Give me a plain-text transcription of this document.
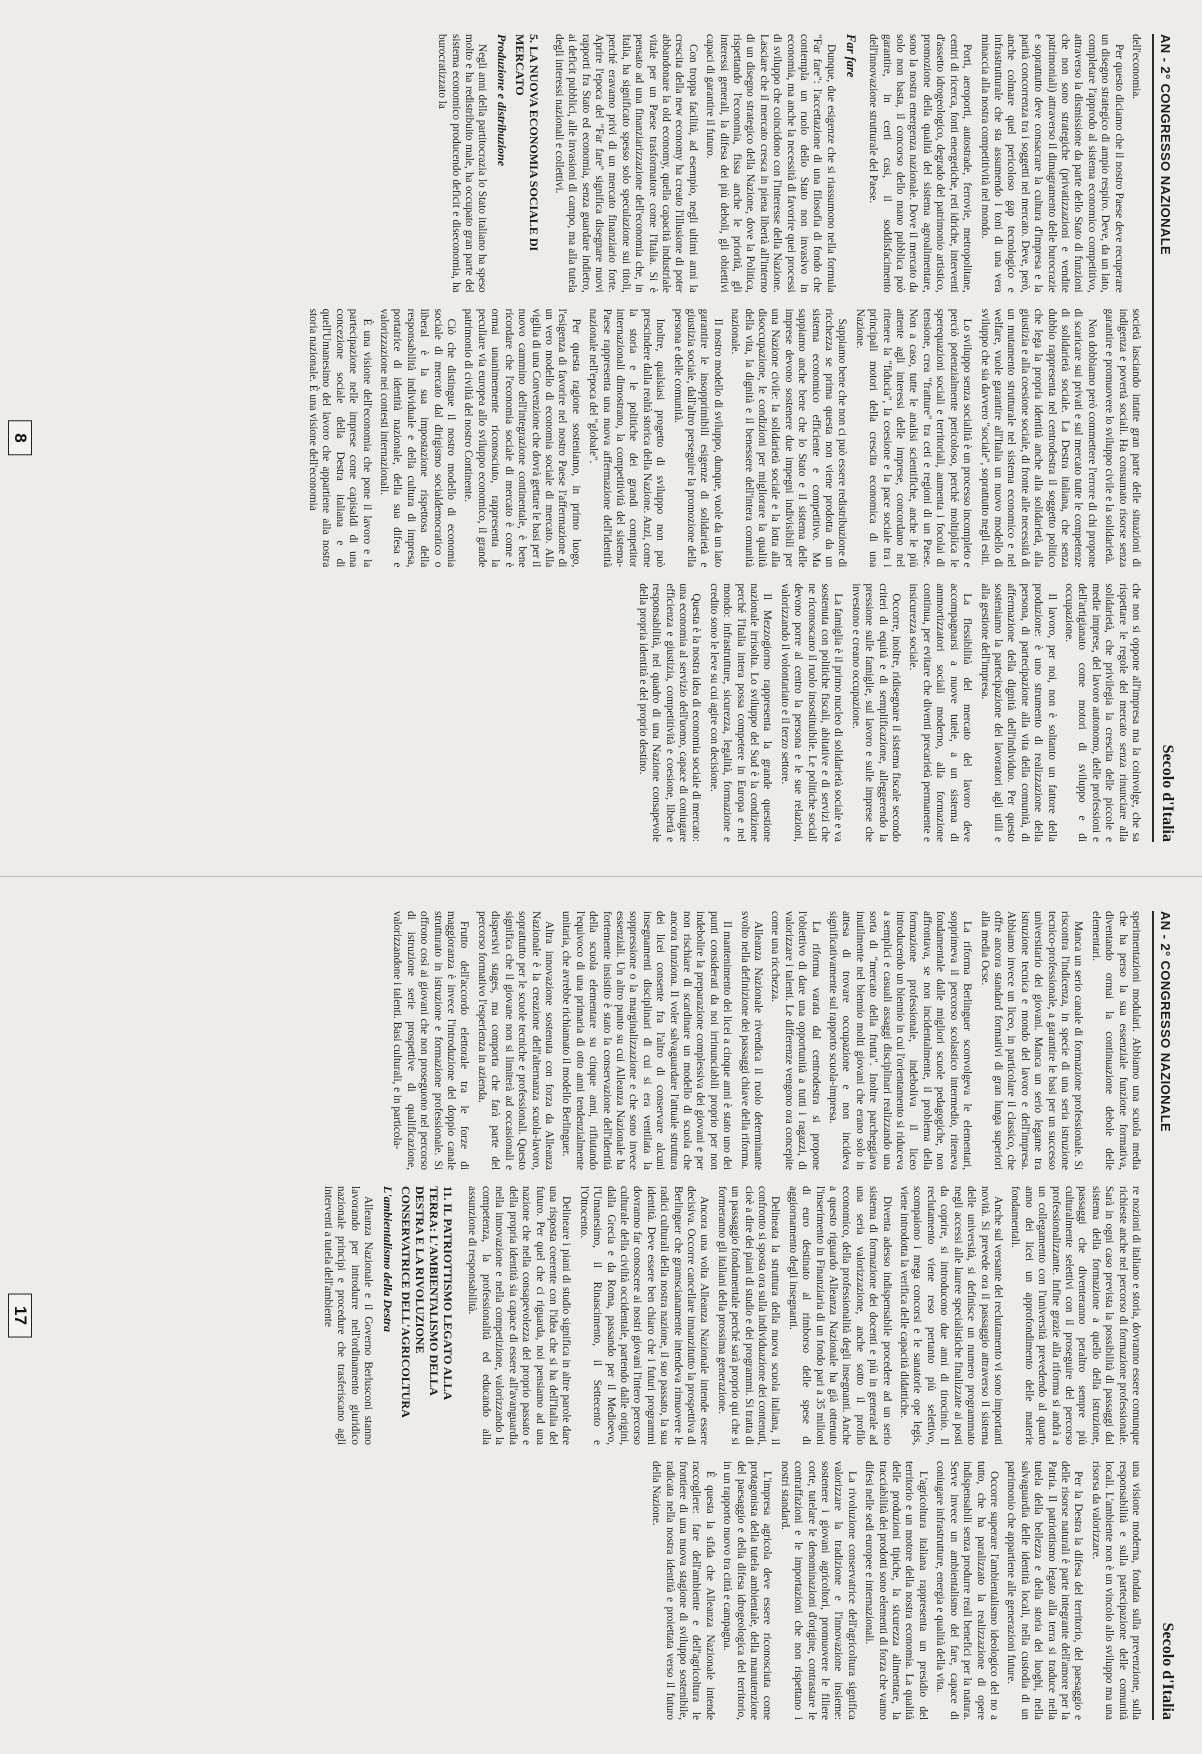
AN - 2° CONGRESSO NAZIONALE
Secolo d'Italia

dell'economia.

Per questo diciamo che il nostro Paese deve recuperare un disegno strategico di ampio respiro. Deve, da un lato, completare l'approdo al sistema economico competitivo, attraverso la dismissione da parte dello Stato di funzioni che non sono strategiche (privatizzazioni e vendite patrimoniali) attraverso il dimagramento delle burocrazie e soprattutto deve consacrare la cultura d'impresa e la parità concorrenza tra i soggetti nel mercato. Deve, però, anche colmare quel pericoloso gap tecnologico e infrastrutturale che sta assumendo i toni di una vera minaccia alla nostra competitività nel mondo.

Porti, aeroporti, autostrade, ferrovie, metropolitane, centri di ricerca, fonti energetiche, reti idriche, interventi d'assetto idrogeologico, degrado del patrimonio artistico, promozione della qualità del sistema agroalimentare, sono la nostra emergenza nazionale. Dove il mercato da solo non basta, il concorso dello mano pubblica può garantire, in certi casi, il soddisfacimento dell'innovazione strutturale del Paese.

Far fare

Dunque, due esigenze che si riassumono nella formula "Far fare": l'accettazione di una filosofia di fondo che contempla un ruolo dello Stato non invasivo in economia, ma anche la necessità di favorire quei processi di sviluppo che coincidono con l'interesse della Nazione. Lasciare che il mercato cresca in piena libertà all'interno di un disegno strategico della Nazione, dove la Politica, rispettando l'economia, fissa anche le priorità, gli interessi generali, la difesa dei più deboli, gli obiettivi capaci di garantire il futuro.

Con troppa facilità, ad esempio, negli ultimi anni la crescita della new economy ha creato l'illusione di poter abbandonare la old economy, quella capacità industriale vitale per un Paese trasformatore come l'Italia. Si è pensato ad una finanziarizzazione dell'economia che, in Italia, ha significato spesso solo speculazione sui titoli, perché eravamo privi di un mercato finanziario forte. Aprire l'epoca del "Far fare" significa disegnare nuovi rapporti fra Stato ed economia, senza guardare indietro, ai deficit pubblici, alle invasioni di campo, ma alla tutela degli interessi nazionali e collettivi.

5. LA NUOVA ECONOMIA SOCIALE DI MERCATO
Produzione e distribuzione

Negli anni della partitocrazia lo Stato italiano ha speso molto e ha redistribuito male, ha occupato gran parte del sistema economico producendo deficit e diseconomia, ha burocratizzato la

società lasciando intatte gran parte delle situazioni di indigenza e povertà sociali. Ha consumato risorse senza garantire e promuovere lo sviluppo civile e la solidarietà.

Non dobbiamo però commettere l'errore di chi propone di scaricare sui privati e sul mercato tutte le competenze di solidarietà sociale. La Destra italiana, che senza dubbio rappresenta nel centrodestra il soggetto politico che lega la propria identità anche alla solidarietà, alla giustizia e alla coesione sociale, di fronte alle necessità di un mutamento strutturale nel sistema economico e nel welfare, vuole garantire all'Italia un nuovo modello di sviluppo che sia davvero "sociale", soprattutto negli esiti.

Lo sviluppo senza socialità è un processo incompleto e perciò potenzialmente pericoloso, perché moltiplica le sperequazioni sociali e territoriali, aumenta i focolai di tensione, crea "fratture" tra ceti e regioni di un Paese. Non a caso, tutte le analisi scientifiche, anche le più attente agli interessi delle imprese, concordano nel ritenere la "fiducia", la coesione e la pace sociale tra i principali motori della crescita economica di una Nazione.

Sappiamo bene che non ci può essere redistribuzione di ricchezza se prima questa non viene prodotta da un sistema economico efficiente e competitivo. Ma sappiamo anche bene che lo Stato e il sistema delle imprese devono sostenere due impegni indivisibili per una Nazione civile: la solidarietà sociale e la lotta alla disoccupazione, le condizioni per migliorare la qualità della vita, la dignità e il benessere dell'intera comunità nazionale.

Il nostro modello di sviluppo, dunque, vuole da un lato garantire le insopprimibili esigenze di solidarietà e giustizia sociale, dall'altro perseguire la promozione della persona e delle comunità.

Inoltre, qualsiasi progetto di sviluppo non può prescindere dalla realtà storica della Nazione. Anzi, come la storia e le politiche dei grandi competitor internazionali dimostrano, la competitività del sistema-Paese rappresenta una nuova affermazione dell'identità nazionale nell'epoca del "globale".

Per questa ragione sosteniamo, in primo luogo, l'esigenza di favorire nel nostro Paese l'affermazione di un vero modello di economia sociale di mercato. Alla vigilia di una Convenzione che dovrà gettare le basi per il nuovo cammino dell'integrazione continentale, è bene ricordare che l'economia sociale di mercato è come è ormai unanimemente riconosciuto, rappresenta la peculiare via europea allo sviluppo economico, il grande patrimonio di civiltà del nostro Continente.

Ciò che distingue il nostro modello di economia sociale di mercato dal dirigismo socialdemocratico o liberal è la sua impostazione rispettosa della responsabilità individuale e della cultura di impresa, portatrice di identità nazionale, della sua difesa e valorizzazione nei contesti internazionali.

È una visione dell'economia che pone il lavoro e la partecipazione nelle imprese come capisaldi di una concezione sociale della Destra italiana e di quell'Umanesimo del lavoro che appartiene alla nostra storia nazionale. È una visione dell'economia

che non si oppone all'impresa ma la coinvolge, che sa rispettare le regole del mercato senza rinunciare alla solidarietà, che privilegia la crescita delle piccole e medie imprese, del lavoro autonomo, delle professioni e dell'artigianato come motori di sviluppo e di occupazione.

Il lavoro, per noi, non è soltanto un fattore della produzione: è uno strumento di realizzazione della persona, di partecipazione alla vita della comunità, di affermazione della dignità dell'individuo. Per questo sosteniamo la partecipazione dei lavoratori agli utili e alla gestione dell'impresa.

La flessibilità del mercato del lavoro deve accompagnarsi a nuove tutele, a un sistema di ammortizzatori sociali moderno, alla formazione continua, per evitare che diventi precarietà permanente e insicurezza sociale.

Occorre, inoltre, ridisegnare il sistema fiscale secondo criteri di equità e di semplificazione, alleggerendo la pressione sulle famiglie, sul lavoro e sulle imprese che investono e creano occupazione.

La famiglia è il primo nucleo di solidarietà sociale e va sostenuta con politiche fiscali, abitative e di servizi che ne riconoscano il ruolo insostituibile. Le politiche sociali devono porre al centro la persona e le sue relazioni, valorizzando il volontariato e il terzo settore.

Il Mezzogiorno rappresenta la grande questione nazionale irrisolta. Lo sviluppo del Sud è la condizione perché l'Italia intera possa competere in Europa e nel mondo: infrastrutture, sicurezza, legalità, formazione e credito sono le leve su cui agire con decisione.

Questa è la nostra idea di economia sociale di mercato: una economia al servizio dell'uomo, capace di coniugare efficienza e giustizia, competitività e coesione, libertà e responsabilità, nel quadro di una Nazione consapevole della propria identità e del proprio destino.

8
AN - 2° CONGRESSO NAZIONALE
Secolo d'Italia

sperimentazioni modulari. Abbiamo una scuola media che ha perso la sua essenziale funzione formativa, diventando ormai la continuazione debole delle elementari.

Manca un serio canale di formazione professionale. Si riscontra l'indicenza, in specie di una seria istruzione tecnico-professionale, a garantire le basi per un successo universitario dei giovani. Manca un serio legame tra istruzione tecnica e mondo del lavoro e dell'impresa. Abbiamo invece un liceo, in particolare il classico, che offre ancora standard formativi di gran lunga superiori alla media Ocse.

La riforma Berlinguer sconvolgeva le elementari, sopprimeva il percorso scolastico intermedio, riteneva fondamentale dalle migliori scuole pedagogiche, non affrontava, se non incidentalmente, il problema della formazione professionale, indeboliva il liceo introducendo un biennio in cui l'orientamento si riduceva a semplici e casuali assaggi disciplinari realizzando una sorta di "mercato della frutta". Inoltre parcheggiava inutilmente nel biennio molti giovani che erano solo in attesa di trovare occupazione e non incideva significativamente sul rapporto scuola-impresa.

La riforma varata dal centrodestra si propone l'obiettivo di dare una opportunità a tutti i ragazzi, di valorizzare i talenti. Le differenze vengono ora concepite come una ricchezza.

Alleanza Nazionale rivendica il ruolo determinante svolto nella definizione dei passaggi chiave della riforma.

Il mantenimento dei licei a cinque anni è stato uno dei punti considerati da noi irrinunciabili proprio per non indebolire la preparazione complessiva dei giovani e per non rischiare di scardinare un modello di scuola che ancora funziona. Il voler salvaguardare l'attuale struttura dei licei consente fra l'altro di conservare alcuni insegnamenti disciplinari di cui si era ventilata la soppressione o la marginalizzazione e che sono invece essenziali. Un altro punto su cui Alleanza Nazionale ha fortemente insistito è stato la conservazione dell'identità della scuola elementare su cinque anni, rifiutando l'equivoco di una primaria di otto anni tendenzialmente unitaria, che avrebbe richiamato il modello Berlinguer.

Altra innovazione sostenuta con forza da Alleanza Nazionale è la creazione dell'alternanza scuola-lavoro, soprattutto per le scuole tecniche e professionali. Questo significa che il giovane non si limiterà ad occasionali e dispersivi stages, ma comporta che farà parte del percorso formativo l'esperienza in azienda.

Frutto dell'accordo elettorale tra le forze di maggioranza è invece l'introduzione del doppio canale strutturato in istruzione e formazione professionale. Si offrono così ai giovani che non proseguono nel percorso di istruzione serie prospettive di qualificazione, valorizzandone i talenti. Basi culturali, e in particola-

re nozioni di italiano e storia, dovranno essere comunque richieste anche nel percorso di formazione professionale. Sarà in ogni caso prevista la possibilità di passaggi dal sistema della formazione a quello della istruzione, passaggi che diventeranno peraltro sempre più culturalmente selettivi con il proseguire del percorso professionalizzante. Infine grazie alla riforma si andrà a un collegamento con l'università prevedendo al quarto anno dei licei un approfondimento delle materie fondamentali.

Anche sul versante del reclutamento vi sono importanti novità. Si prevede ora il passaggio attraverso il sistema delle università, si definisce un numero programmato negli accessi alle lauree specialistiche finalizzate ai posti da coprire, si introducono due anni di tirocinio. Il reclutamento viene reso pertanto più selettivo, scompaiono i mega concorsi e le sanatorie ope legis, viene introdotta la verifica delle capacità didattiche.

Diventa adesso indispensabile procedere ad un serio sistema di formazione dei docenti e più in generale ad una seria valorizzazione, anche sotto il profilo economico, della professionalità degli insegnanti. Anche a questo riguardo Alleanza Nazionale ha già ottenuto l'inserimento in Finanziaria di un fondo pari a 35 milioni di euro destinato al rimborso delle spese di aggiornamento degli insegnanti.

Delineata la struttura della nuova scuola italiana, il confronto si sposta ora sulla individuazione dei contenuti, cioè a dire dei piani di studio e dei programmi. Si tratta di un passaggio fondamentale perché sarà proprio qui che si formeranno gli italiani della prossima generazione.

Ancora una volta Alleanza Nazionale intende essere decisiva. Occorre cancellare innanzitutto la prospettiva di Berlinguer che gramscianamente intendeva rimuovere le radici culturali della nostra nazione, il suo passato, la sua identità. Deve essere ben chiaro che i futuri programmi dovranno far conoscere ai nostri giovani l'intero percorso culturale della civiltà occidentale, partendo dalle origini, dalla Grecia e da Roma, passando per il Medioevo, l'Umanesimo, il Rinascimento, il Settecento e l'Ottocento.

Delineare i piani di studio significa in altre parole dare una risposta coerente con l'idea che si ha dell'Italia del futuro. Per quel che ci riguarda, noi pensiamo ad una nazione che nella consapevolezza del proprio passato e della propria identità sia capace di essere all'avanguardia nella innovazione e nella competizione, valorizzando la competenza, la professionalità ed educando alla assunzione di responsabilità.

11. IL PATRIOTTISMO LEGATO ALLA TERRA: L'AMBIENTALISMO DELLA DESTRA E LA RIVOLUZIONE CONSERVATRICE DELL'AGRICOLTURA
L'ambientalismo della Destra

Alleanza Nazionale e il Governo Berlusconi stanno lavorando per introdurre nell'ordinamento giuridico nazionale principi e procedure che trasferiscano agli interventi a tutela dell'ambiente

una visione moderna, fondata sulla prevenzione, sulla responsabilità e sulla partecipazione delle comunità locali. L'ambiente non è un vincolo allo sviluppo ma una risorsa da valorizzare.

Per la Destra la difesa del territorio, del paesaggio e delle risorse naturali è parte integrante dell'amore per la Patria. Il patriottismo legato alla terra si traduce nella tutela della bellezza e della storia dei luoghi, nella salvaguardia delle identità locali, nella custodia di un patrimonio che appartiene alle generazioni future.

Occorre superare l'ambientalismo ideologico del no a tutto, che ha paralizzato la realizzazione di opere indispensabili senza produrre reali benefici per la natura. Serve invece un ambientalismo del fare, capace di coniugare infrastrutture, energia e qualità della vita.

L'agricoltura italiana rappresenta un presidio del territorio e un motore della nostra economia. La qualità delle produzioni tipiche, la sicurezza alimentare, la tracciabilità dei prodotti sono elementi di forza che vanno difesi nelle sedi europee e internazionali.

La rivoluzione conservatrice dell'agricoltura significa valorizzare la tradizione e l'innovazione insieme: sostenere i giovani agricoltori, promuovere le filiere corte, tutelare le denominazioni d'origine, contrastare le contraffazioni e le importazioni che non rispettano i nostri standard.

L'impresa agricola deve essere riconosciuta come protagonista della tutela ambientale, della manutenzione del paesaggio e della difesa idrogeologica del territorio, in un rapporto nuovo tra città e campagna.

È questa la sfida che Alleanza Nazionale intende raccogliere: fare dell'ambiente e dell'agricoltura le frontiere di una nuova stagione di sviluppo sostenibile, radicata nella nostra identità e proiettata verso il futuro della Nazione.

17
